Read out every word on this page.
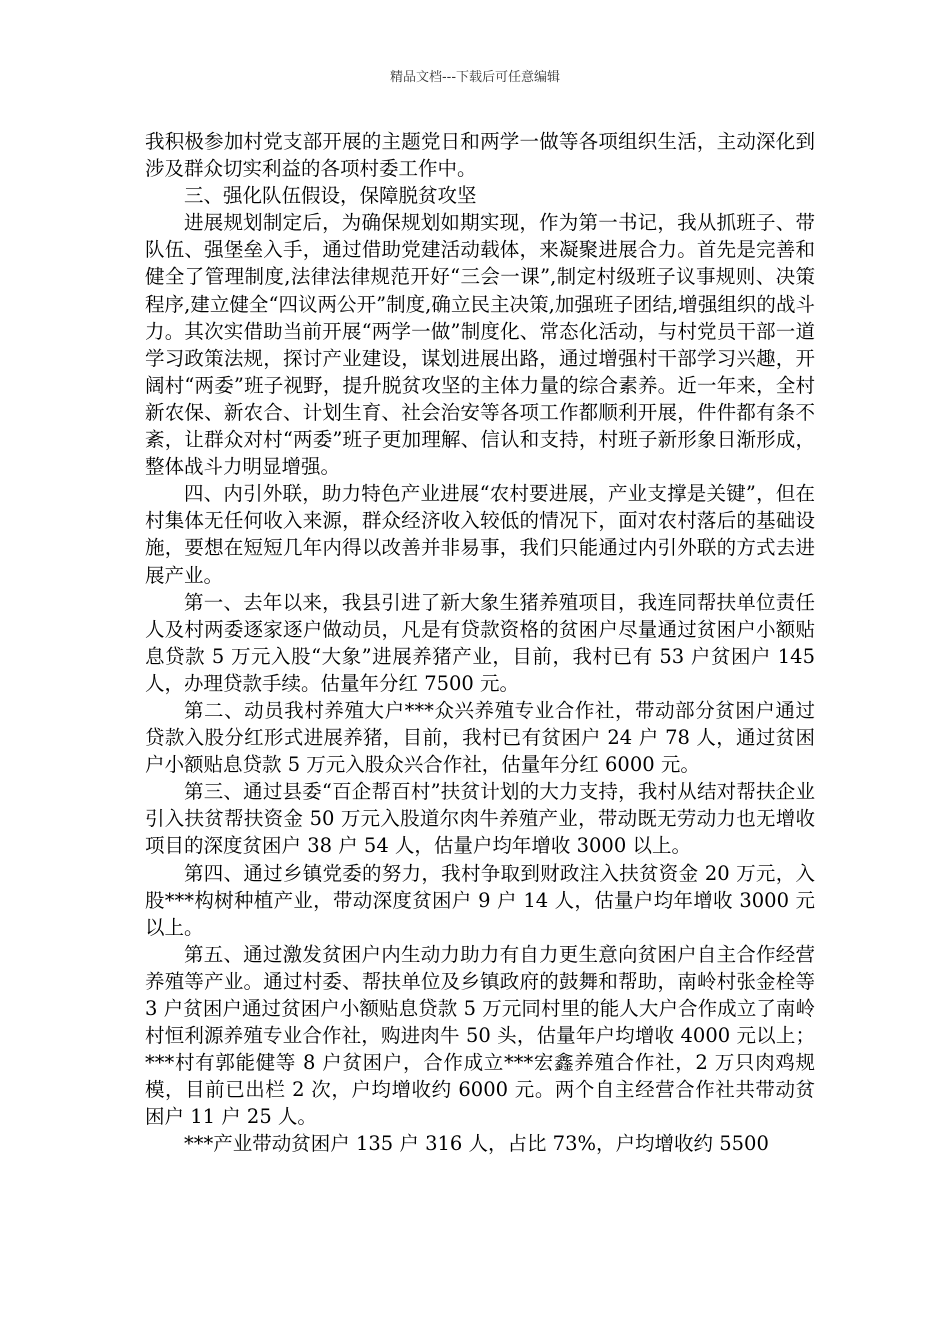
精品文档---下载后可任意编辑

我积极参加村党支部开展的主题党日和两学一做等各项组织生活，主动深化到涉及群众切实利益的各项村委工作中。

三、强化队伍假设，保障脱贫攻坚

进展规划制定后，为确保规划如期实现，作为第一书记，我从抓班子、带队伍、强堡垒入手，通过借助党建活动载体，来凝聚进展合力。首先是完善和健全了管理制度,法律法律规范开好“三会一课”,制定村级班子议事规则、决策程序,建立健全“四议两公开”制度,确立民主决策,加强班子团结,增强组织的战斗力。其次实借助当前开展“两学一做”制度化、常态化活动，与村党员干部一道学习政策法规，探讨产业建设，谋划进展出路，通过增强村干部学习兴趣，开阔村“两委”班子视野，提升脱贫攻坚的主体力量的综合素养。近一年来，全村新农保、新农合、计划生育、社会治安等各项工作都顺利开展，件件都有条不紊，让群众对村“两委”班子更加理解、信认和支持，村班子新形象日渐形成，整体战斗力明显增强。

四、内引外联，助力特色产业进展“农村要进展，产业支撑是关键”，但在村集体无任何收入来源，群众经济收入较低的情况下，面对农村落后的基础设施，要想在短短几年内得以改善并非易事，我们只能通过内引外联的方式去进展产业。

第一、去年以来，我县引进了新大象生猪养殖项目，我连同帮扶单位责任人及村两委逐家逐户做动员，凡是有贷款资格的贫困户尽量通过贫困户小额贴息贷款 5 万元入股“大象”进展养猪产业，目前，我村已有 53 户贫困户 145 人，办理贷款手续。估量年分红 7500 元。

第二、动员我村养殖大户***众兴养殖专业合作社，带动部分贫困户通过贷款入股分红形式进展养猪，目前，我村已有贫困户 24 户 78 人，通过贫困户小额贴息贷款 5 万元入股众兴合作社，估量年分红 6000 元。

第三、通过县委“百企帮百村”扶贫计划的大力支持，我村从结对帮扶企业引入扶贫帮扶资金 50 万元入股道尔肉牛养殖产业，带动既无劳动力也无增收项目的深度贫困户 38 户 54 人，估量户均年增收 3000 以上。

第四、通过乡镇党委的努力，我村争取到财政注入扶贫资金 20 万元，入股***构树种植产业，带动深度贫困户 9 户 14 人，估量户均年增收 3000 元以上。

第五、通过激发贫困户内生动力助力有自力更生意向贫困户自主合作经营养殖等产业。通过村委、帮扶单位及乡镇政府的鼓舞和帮助，南岭村张金栓等 3 户贫困户通过贫困户小额贴息贷款 5 万元同村里的能人大户合作成立了南岭村恒利源养殖专业合作社，购进肉牛 50 头，估量年户均增收 4000 元以上；***村有郭能健等 8 户贫困户，合作成立***宏鑫养殖合作社，2 万只肉鸡规模，目前已出栏 2 次，户均增收约 6000 元。两个自主经营合作社共带动贫困户 11 户 25 人。

***产业带动贫困户 135 户 316 人，占比 73%，户均增收约 5500
